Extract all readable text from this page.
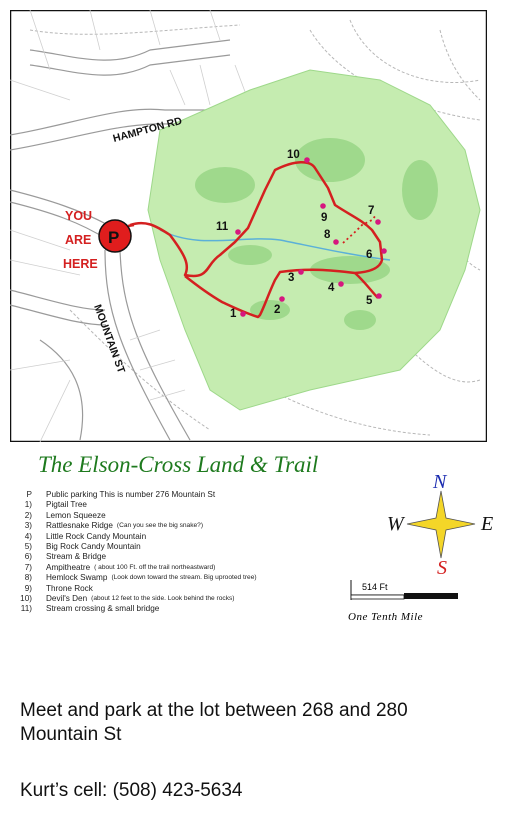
HAMPTON RD
MOUNTAIN ST
YOU
ARE
HERE
P
1	2
3
4
5
6
7
8
9
10
11
The Elson-Cross Land & Trail
P Public parking This is number 276 Mountain St
1) Pigtail Tree
2) Lemon Squeeze
3) Rattlesnake Ridge (Can you see the big snake?)
4) Little Rock Candy Mountain
5) Big Rock Candy Mountain
6) Stream & Bridge
7) Ampitheatre ( about 100 Ft. off the trail northeastward)
8) Hemlock Swamp (Look down toward the stream. Big uprooted tree)
9) Throne Rock
10) Devil's Den (about 12 feet to the side. Look behind the rocks)
11) Stream crossing & small bridge
N
S
W	E
514 Ft
One Tenth Mile
Meet and park at the lot between 268 and 280 Mountain St
Kurt’s cell: (508) 423-5634
